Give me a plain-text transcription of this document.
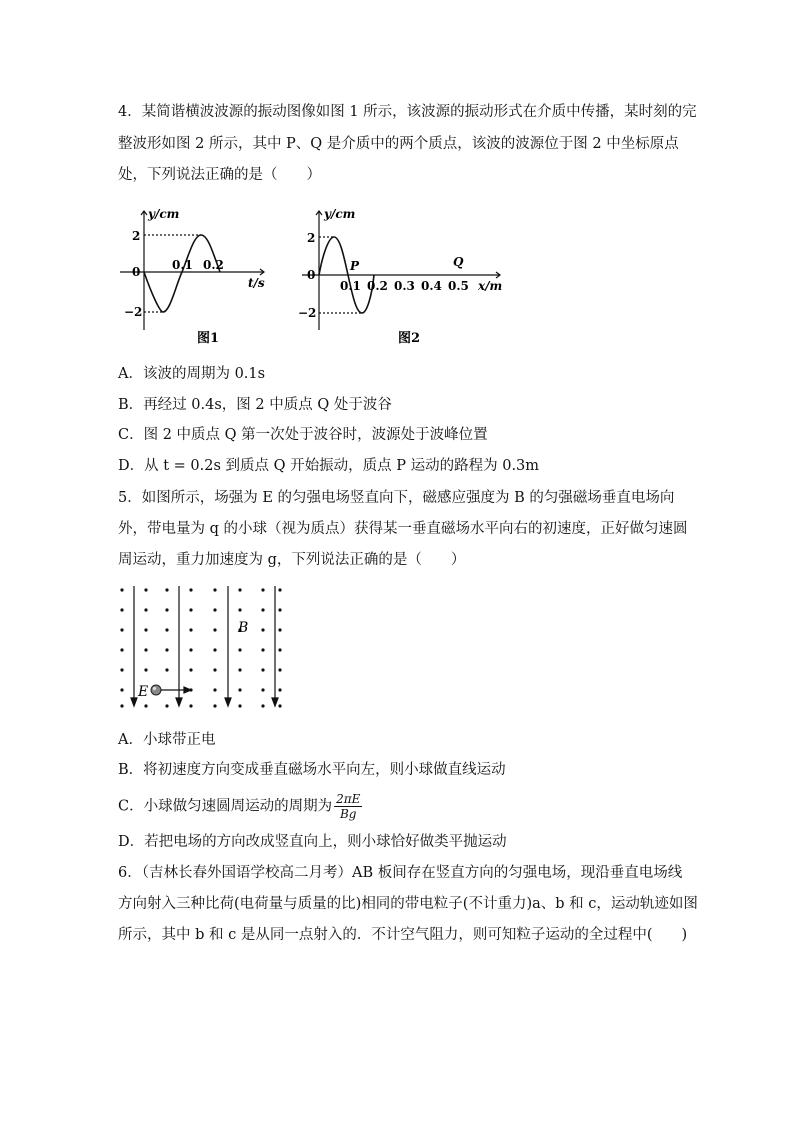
4．某简谐横波波源的振动图像如图 1 所示，该波源的振动形式在介质中传播，某时刻的完
整波形如图 2 所示，其中 P、Q 是介质中的两个质点，该波的波源位于图 2 中坐标原点
处，下列说法正确的是（　　）
y/cm
t/s
0
2
−2
0.1 0.2
图1
y/cm
x/m
0
2
−2
0.1 0.2 0.3 0.4 0.5
P	Q
图2
A．该波的周期为 0.1s
B．再经过 0.4s，图 2 中质点 Q 处于波谷
C．图 2 中质点 Q 第一次处于波谷时，波源处于波峰位置
D．从 t = 0.2s 到质点 Q 开始振动，质点 P 运动的路程为 0.3m
5．如图所示，场强为 E 的匀强电场竖直向下，磁感应强度为 B 的匀强磁场垂直电场向
外，带电量为 q 的小球（视为质点）获得某一垂直磁场水平向右的初速度，正好做匀速圆
周运动，重力加速度为 g，下列说法正确的是（　　）
B
E
A．小球带正电
B．将初速度方向变成垂直磁场水平向左，则小球做直线运动
C．小球做匀速圆周运动的周期为 $\frac{2\pi E}{Bg}$
D．若把电场的方向改成竖直向上，则小球恰好做类平抛运动
6．（吉林长春外国语学校高二月考）AB 板间存在竖直方向的匀强电场，现沿垂直电场线
方向射入三种比荷(电荷量与质量的比)相同的带电粒子(不计重力)a、b 和 c，运动轨迹如图
所示，其中 b 和 c 是从同一点射入的．不计空气阻力，则可知粒子运动的全过程中(　　)
